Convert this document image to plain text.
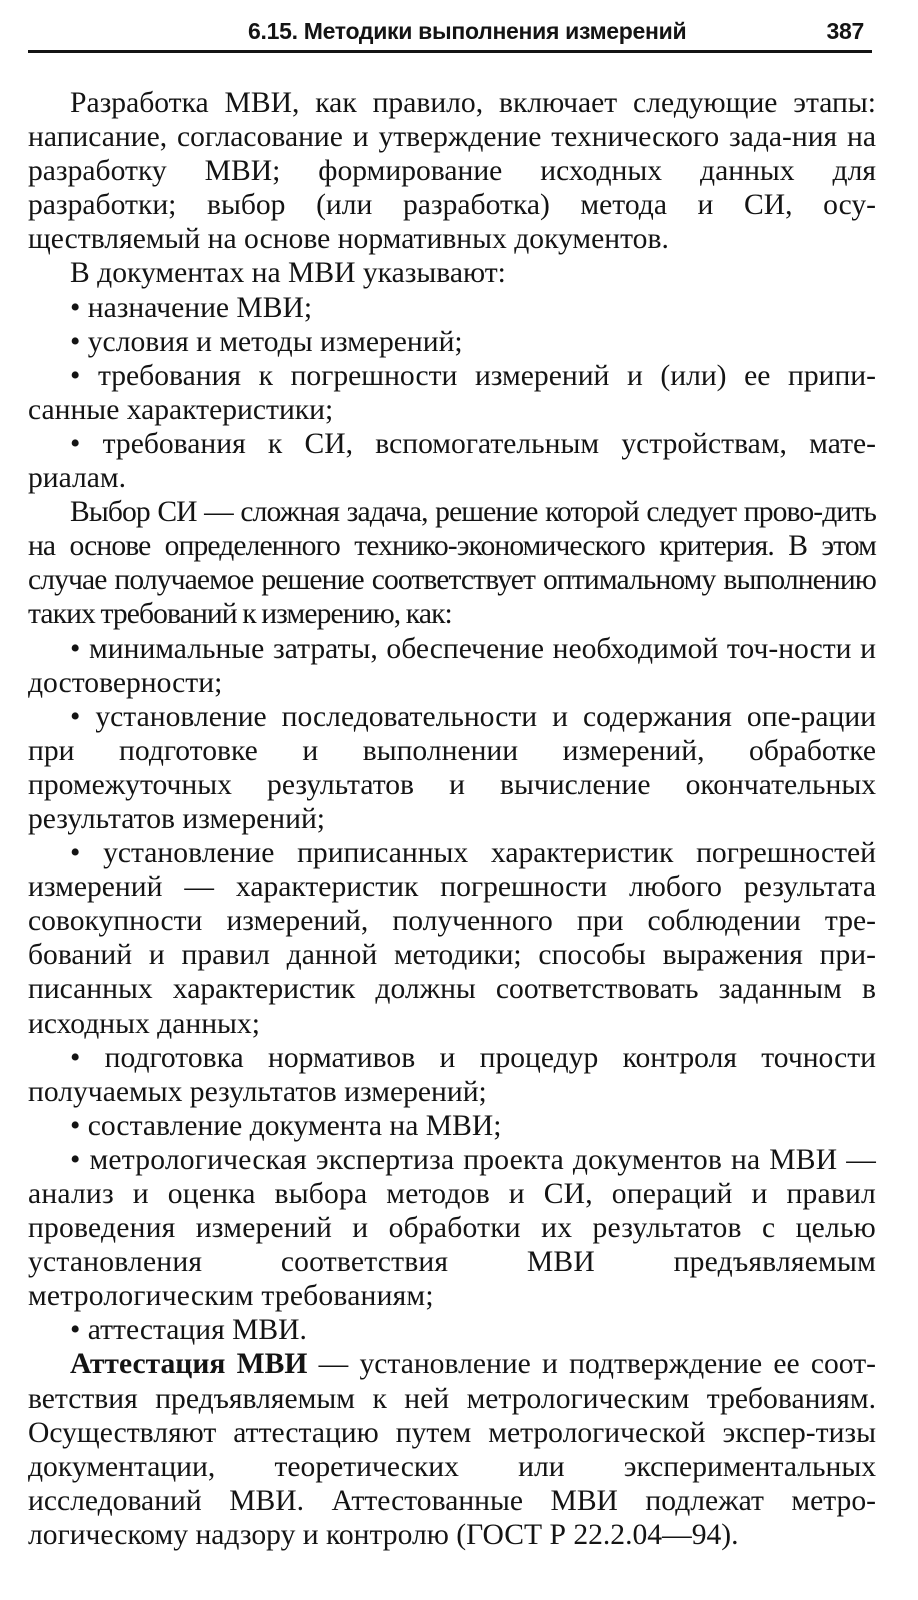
6.15. Методики выполнения измерений	387

Разработка МВИ, как правило, включает следующие этапы: написание, согласование и утверждение технического зада-ния на разработку МВИ; формирование исходных данных для разработки; выбор (или разработка) метода и СИ, осу-ществляемый на основе нормативных документов.

В документах на МВИ указывают:

• назначение МВИ;

• условия и методы измерений;

• требования к погрешности измерений и (или) ее припи-санные характеристики;

• требования к СИ, вспомогательным устройствам, мате-риалам.

Выбор СИ — сложная задача, решение которой следует прово-дить на основе определенного технико-экономического критерия. В этом случае получаемое решение соответствует оптимальному выполнению таких требований к измерению, как:

• минимальные затраты, обеспечение необходимой точ-ности и достоверности;

• установление последовательности и содержания опе-рации при подготовке и выполнении измерений, обработке промежуточных результатов и вычисление окончательных результатов измерений;

• установление приписанных характеристик погрешностей измерений — характеристик погрешности любого результата совокупности измерений, полученного при соблюдении тре-бований и правил данной методики; способы выражения при-писанных характеристик должны соответствовать заданным в исходных данных;

• подготовка нормативов и процедур контроля точности получаемых результатов измерений;

• составление документа на МВИ;

• метрологическая экспертиза проекта документов на МВИ — анализ и оценка выбора методов и СИ, операций и правил проведения измерений и обработки их результатов с целью установления соответствия МВИ предъявляемым метрологическим требованиям;

• аттестация МВИ.

Аттестация МВИ — установление и подтверждение ее соот-ветствия предъявляемым к ней метрологическим требованиям. Осуществляют аттестацию путем метрологической экспер-тизы документации, теоретических или экспериментальных исследований МВИ. Аттестованные МВИ подлежат метро-логическому надзору и контролю (ГОСТ Р 22.2.04—94).
